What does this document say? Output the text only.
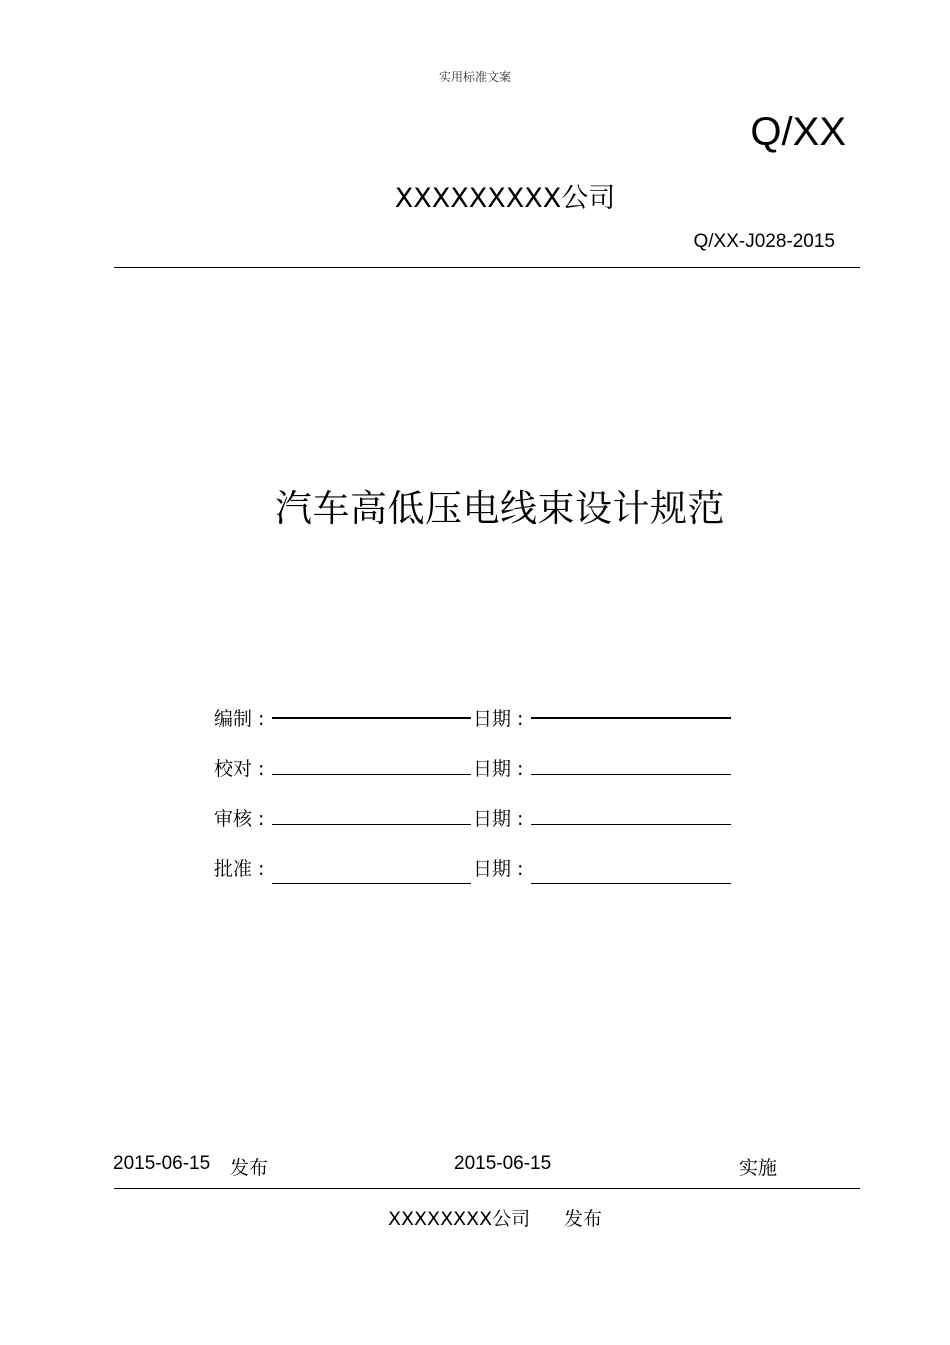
实用标准文案
Q/XX
XXXXXXXXX公司
Q/XX-J028-2015
汽车高低压电线束设计规范
编制 :	日期 :
校对 :	日期 :
审核 :	日期 :
批准 :	日期 :
2015-06-15 发布	2015-06-15	实施
XXXXXXXX公司 发布
